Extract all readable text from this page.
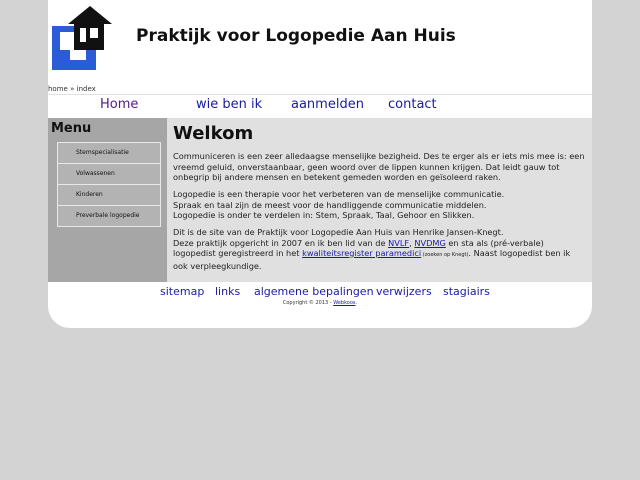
Praktijk voor Logopedie Aan Huis
home » index
Home	wie ben ik aanmelden contact
Menu
Stemspecialisatie
Volwassenen
Kinderen
Preverbale logopedie
Welkom

Communiceren is een zeer alledaagse menselijke bezigheid. Des te erger als er iets mis mee is: een vreemd geluid, onverstaanbaar, geen woord over de lippen kunnen krijgen. Dat leidt gauw tot onbegrip bij andere mensen en betekent gemeden worden en geïsoleerd raken.

Logopedie is een therapie voor het verbeteren van de menselijke communicatie.
Spraak en taal zijn de meest voor de handliggende communicatie middelen.
Logopedie is onder te verdelen in: Stem, Spraak, Taal, Gehoor en Slikken.

Dit is de site van de Praktijk voor Logopedie Aan Huis van Henrike Jansen-Knegt.
Deze praktijk opgericht in 2007 en ik ben lid van de NVLF, NVDMG en sta als (pré-verbale) logopedist geregistreerd in het kwaliteitsregister paramedici (zoeken op Knegt). Naast logopedist ben ik ook verpleegkundige.

sitemap links algemene bepalingen verwijzers stagiairs
Copyright © 2013 - Webkoos.
